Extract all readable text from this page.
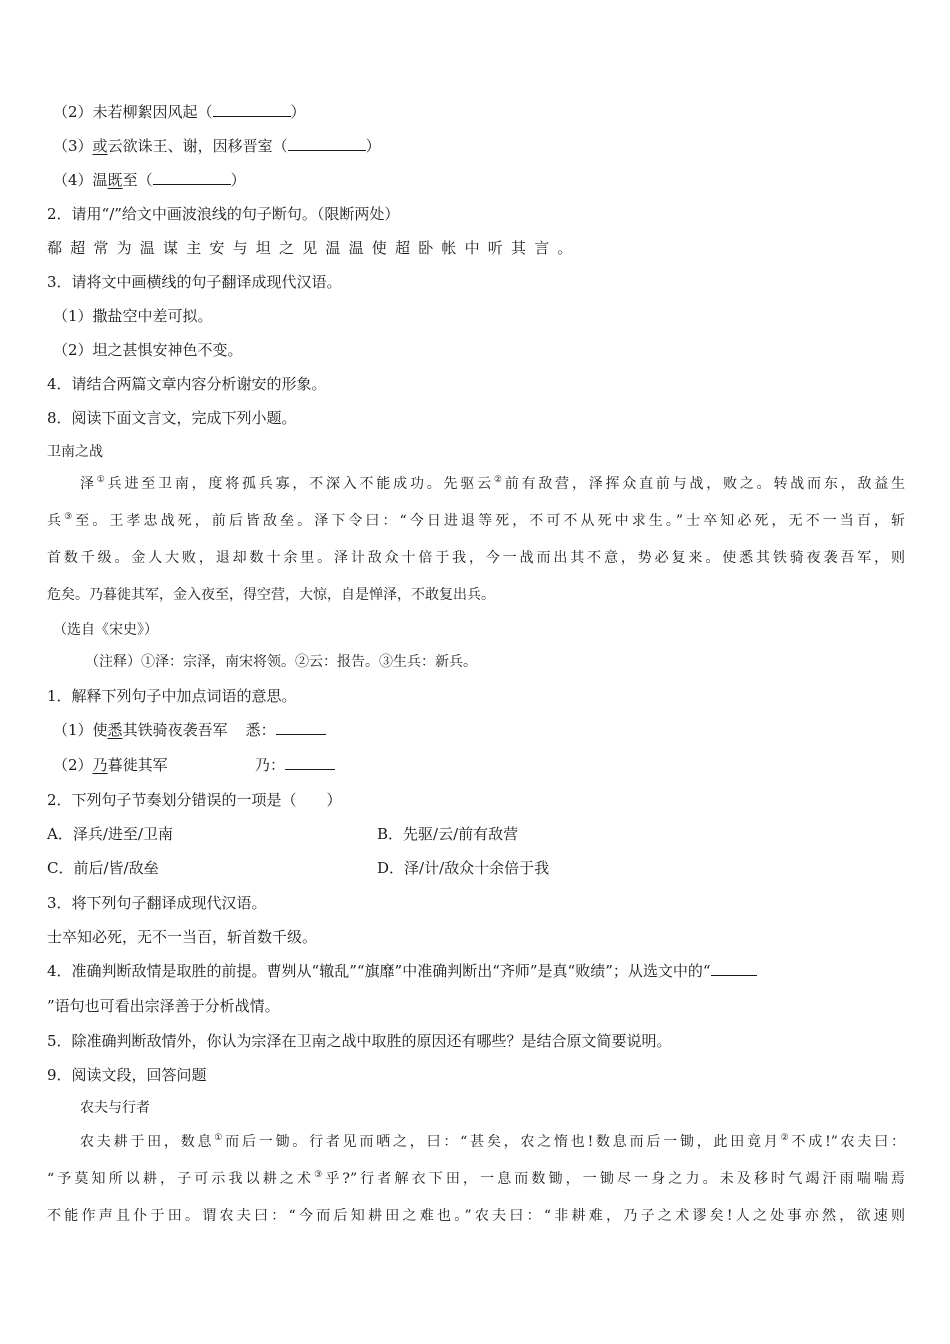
（2）未若柳絮因风起（	）
（3）或云欲诛王、谢，因移晋室（	）
（4）温既至（	）
2．请用“/”给文中画波浪线的句子断句。（限断两处）
郗超常为温谋主安与坦之见温温使超卧帐中听其言。
3．请将文中画横线的句子翻译成现代汉语。
（1）撒盐空中差可拟。
（2）坦之甚惧安神色不变。
4．请结合两篇文章内容分析谢安的形象。
8．阅读下面文言文，完成下列小题。
卫南之战
泽①兵进至卫南，度将孤兵寡，不深入不能成功。先驱云②前有敌营，泽挥众直前与战，败之。转战而东，敌益生
兵③至。王孝忠战死，前后皆敌垒。泽下令曰：“今日进退等死，不可不从死中求生。”士卒知必死，无不一当百，斩
首数千级。金人大败，退却数十余里。泽计敌众十倍于我，今一战而出其不意，势必复来。使悉其铁骑夜袭吾军，则
危矣。乃暮徙其军，金入夜至，得空营，大惊，自是惮泽，不敢复出兵。
（选自《宋史》）
（注释）①泽：宗泽，南宋将领。②云：报告。③生兵：新兵。
1．解释下列句子中加点词语的意思。
（1）使悉其铁骑夜袭吾军 悉：
（2）乃暮徙其军	乃：
2．下列句子节奏划分错误的一项是（　　）
A．泽兵/进至/卫南	B．先驱/云/前有敌营
C．前后/皆/敌垒	D．泽/计/敌众十余倍于我
3．将下列句子翻译成现代汉语。
士卒知必死，无不一当百，斩首数千级。
4．准确判断敌情是取胜的前提。曹刿从“辙乱”“旗靡”中准确判断出“齐师”是真“败绩”；从选文中的“
”语句也可看出宗泽善于分析战情。
5．除准确判断敌情外，你认为宗泽在卫南之战中取胜的原因还有哪些？是结合原文简要说明。
9．阅读文段，回答问题
农夫与行者
农夫耕于田，数息①而后一锄。行者见而哂之，曰：“甚矣，农之惰也!数息而后一锄，此田竟月②不成!”农夫曰：
“予莫知所以耕，子可示我以耕之术③乎?”行者解衣下田，一息而数锄，一锄尽一身之力。未及移时气竭汗雨喘喘焉
不能作声且仆于田。谓农夫曰：“今而后知耕田之难也。”农夫曰：“非耕难，乃子之术谬矣!人之处事亦然，欲速则
